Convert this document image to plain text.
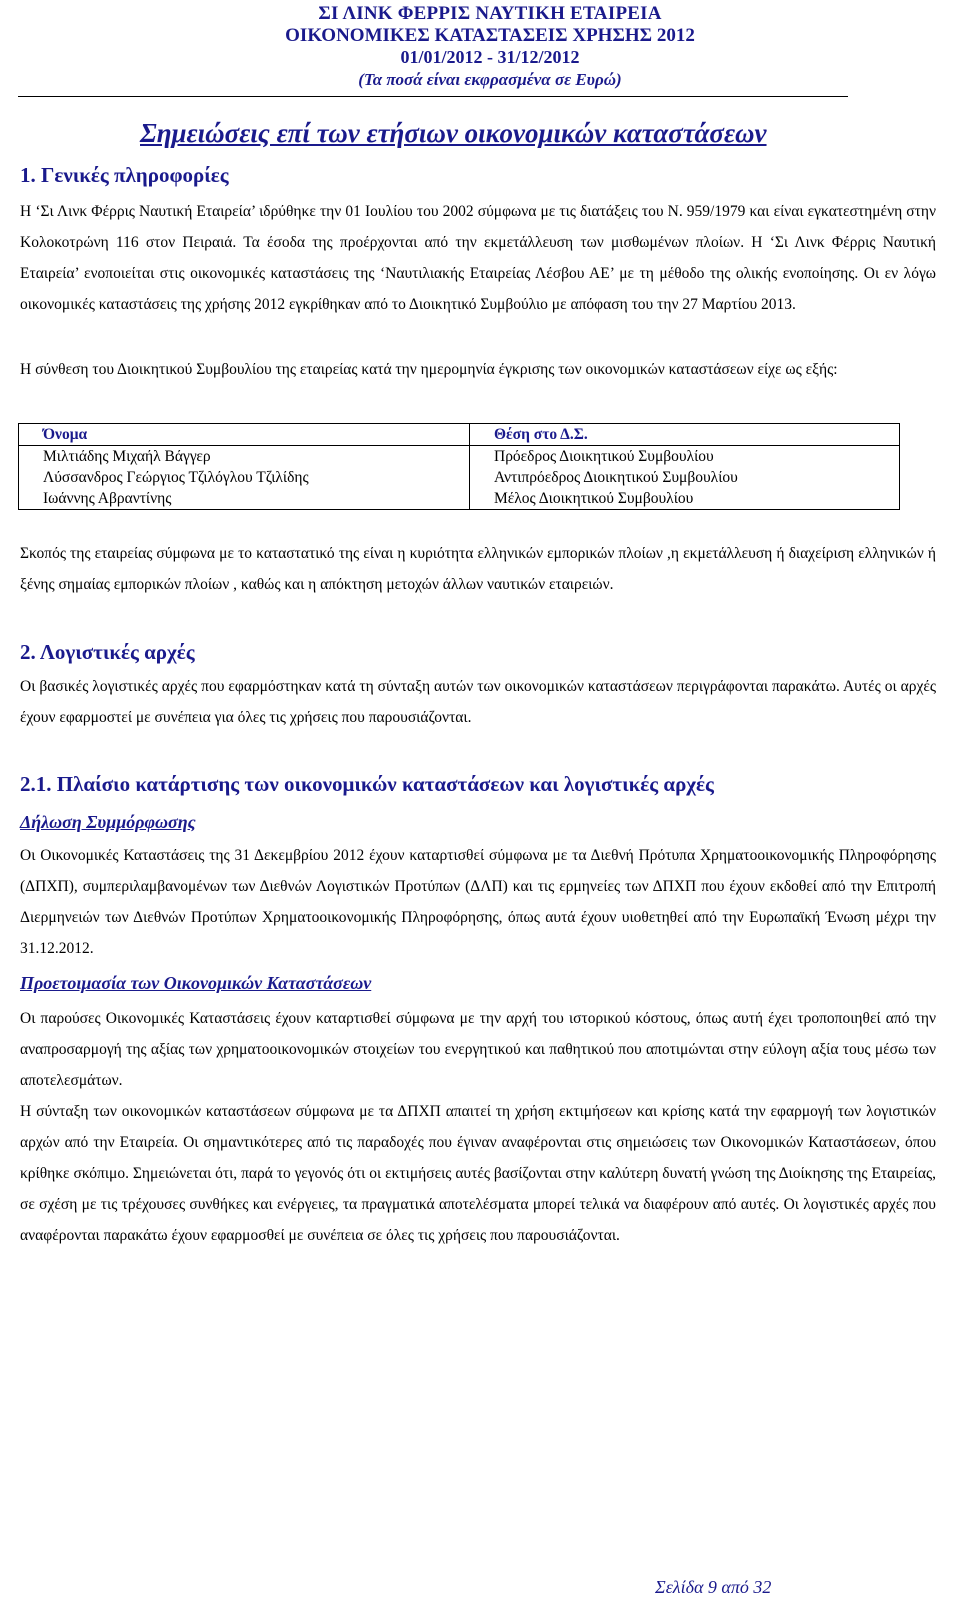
ΣΙ ΛΙΝΚ ΦΕΡΡΙΣ ΝΑΥΤΙΚΗ ΕΤΑΙΡΕΙΑ
ΟΙΚΟΝΟΜΙΚΕΣ ΚΑΤΑΣΤΑΣΕΙΣ ΧΡΗΣΗΣ 2012
01/01/2012 - 31/12/2012
(Τα ποσά είναι εκφρασμένα σε Ευρώ)
Σημειώσεις επί των ετήσιων οικονομικών καταστάσεων
1. Γενικές πληροφορίες

Η ‘Σι Λινκ Φέρρις Ναυτική Εταιρεία’ ιδρύθηκε την 01 Ιουλίου του 2002 σύμφωνα με τις διατάξεις του Ν. 959/1979 και είναι εγκατεστημένη στην Κολοκοτρώνη 116 στον Πειραιά. Τα έσοδα της προέρχονται από την εκμετάλλευση των μισθωμένων πλοίων. Η ‘Σι Λινκ Φέρρις Ναυτική Εταιρεία’ ενοποιείται στις οικονομικές καταστάσεις της ‘Ναυτιλιακής Εταιρείας Λέσβου ΑΕ’ με τη μέθοδο της ολικής ενοποίησης. Οι εν λόγω οικονομικές καταστάσεις της χρήσης 2012 εγκρίθηκαν από το Διοικητικό Συμβούλιο με απόφαση του την 27 Μαρτίου 2013.

Η σύνθεση του Διοικητικού Συμβουλίου της εταιρείας κατά την ημερομηνία έγκρισης των οικονομικών καταστάσεων είχε ως εξής:

Όνομα	Θέση στο Δ.Σ.
Μιλτιάδης Μιχαήλ Βάγγερ	Πρόεδρος Διοικητικού Συμβουλίου
Λύσσανδρος Γεώργιος Τζιλόγλου Τζιλίδης	Αντιπρόεδρος Διοικητικού Συμβουλίου
Ιωάννης Αβραντίνης	Μέλος Διοικητικού Συμβουλίου

Σκοπός της εταιρείας σύμφωνα με το καταστατικό της είναι η κυριότητα ελληνικών εμπορικών πλοίων ,η εκμετάλλευση ή διαχείριση ελληνικών ή ξένης σημαίας εμπορικών πλοίων , καθώς και η απόκτηση μετοχών άλλων ναυτικών εταιρειών.

2. Λογιστικές αρχές

Οι βασικές λογιστικές αρχές που εφαρμόστηκαν κατά τη σύνταξη αυτών των οικονομικών καταστάσεων περιγράφονται παρακάτω. Αυτές οι αρχές έχουν εφαρμοστεί με συνέπεια για όλες τις χρήσεις που παρουσιάζονται.

2.1. Πλαίσιο κατάρτισης των οικονομικών καταστάσεων και λογιστικές αρχές
Δήλωση Συμμόρφωσης

Οι Οικονομικές Καταστάσεις της 31 Δεκεμβρίου 2012 έχουν καταρτισθεί σύμφωνα με τα Διεθνή Πρότυπα Χρηματοοικονομικής Πληροφόρησης (ΔΠΧΠ), συμπεριλαμβανομένων των Διεθνών Λογιστικών Προτύπων (ΔΛΠ) και τις ερμηνείες των ΔΠΧΠ που έχουν εκδοθεί από την Επιτροπή Διερμηνειών των Διεθνών Προτύπων Χρηματοοικονομικής Πληροφόρησης, όπως αυτά έχουν υιοθετηθεί από την Ευρωπαϊκή Ένωση μέχρι την 31.12.2012.

Προετοιμασία των Οικονομικών Καταστάσεων

Οι παρούσες Οικονομικές Καταστάσεις έχουν καταρτισθεί σύμφωνα με την αρχή του ιστορικού κόστους, όπως αυτή έχει τροποποιηθεί από την αναπροσαρμογή της αξίας των χρηματοοικονομικών στοιχείων του ενεργητικού και παθητικού που αποτιμώνται στην εύλογη αξία τους μέσω των αποτελεσμάτων.

Η σύνταξη των οικονομικών καταστάσεων σύμφωνα με τα ΔΠΧΠ απαιτεί τη χρήση εκτιμήσεων και κρίσης κατά την εφαρμογή των λογιστικών αρχών από την Εταιρεία. Οι σημαντικότερες από τις παραδοχές που έγιναν αναφέρονται στις σημειώσεις των Οικονομικών Καταστάσεων, όπου κρίθηκε σκόπιμο. Σημειώνεται ότι, παρά το γεγονός ότι οι εκτιμήσεις αυτές βασίζονται στην καλύτερη δυνατή γνώση της Διοίκησης της Εταιρείας, σε σχέση με τις τρέχουσες συνθήκες και ενέργειες, τα πραγματικά αποτελέσματα μπορεί τελικά να διαφέρουν από αυτές. Οι λογιστικές αρχές που αναφέρονται παρακάτω έχουν εφαρμοσθεί με συνέπεια σε όλες τις χρήσεις που παρουσιάζονται.

Σελίδα 9 από 32
